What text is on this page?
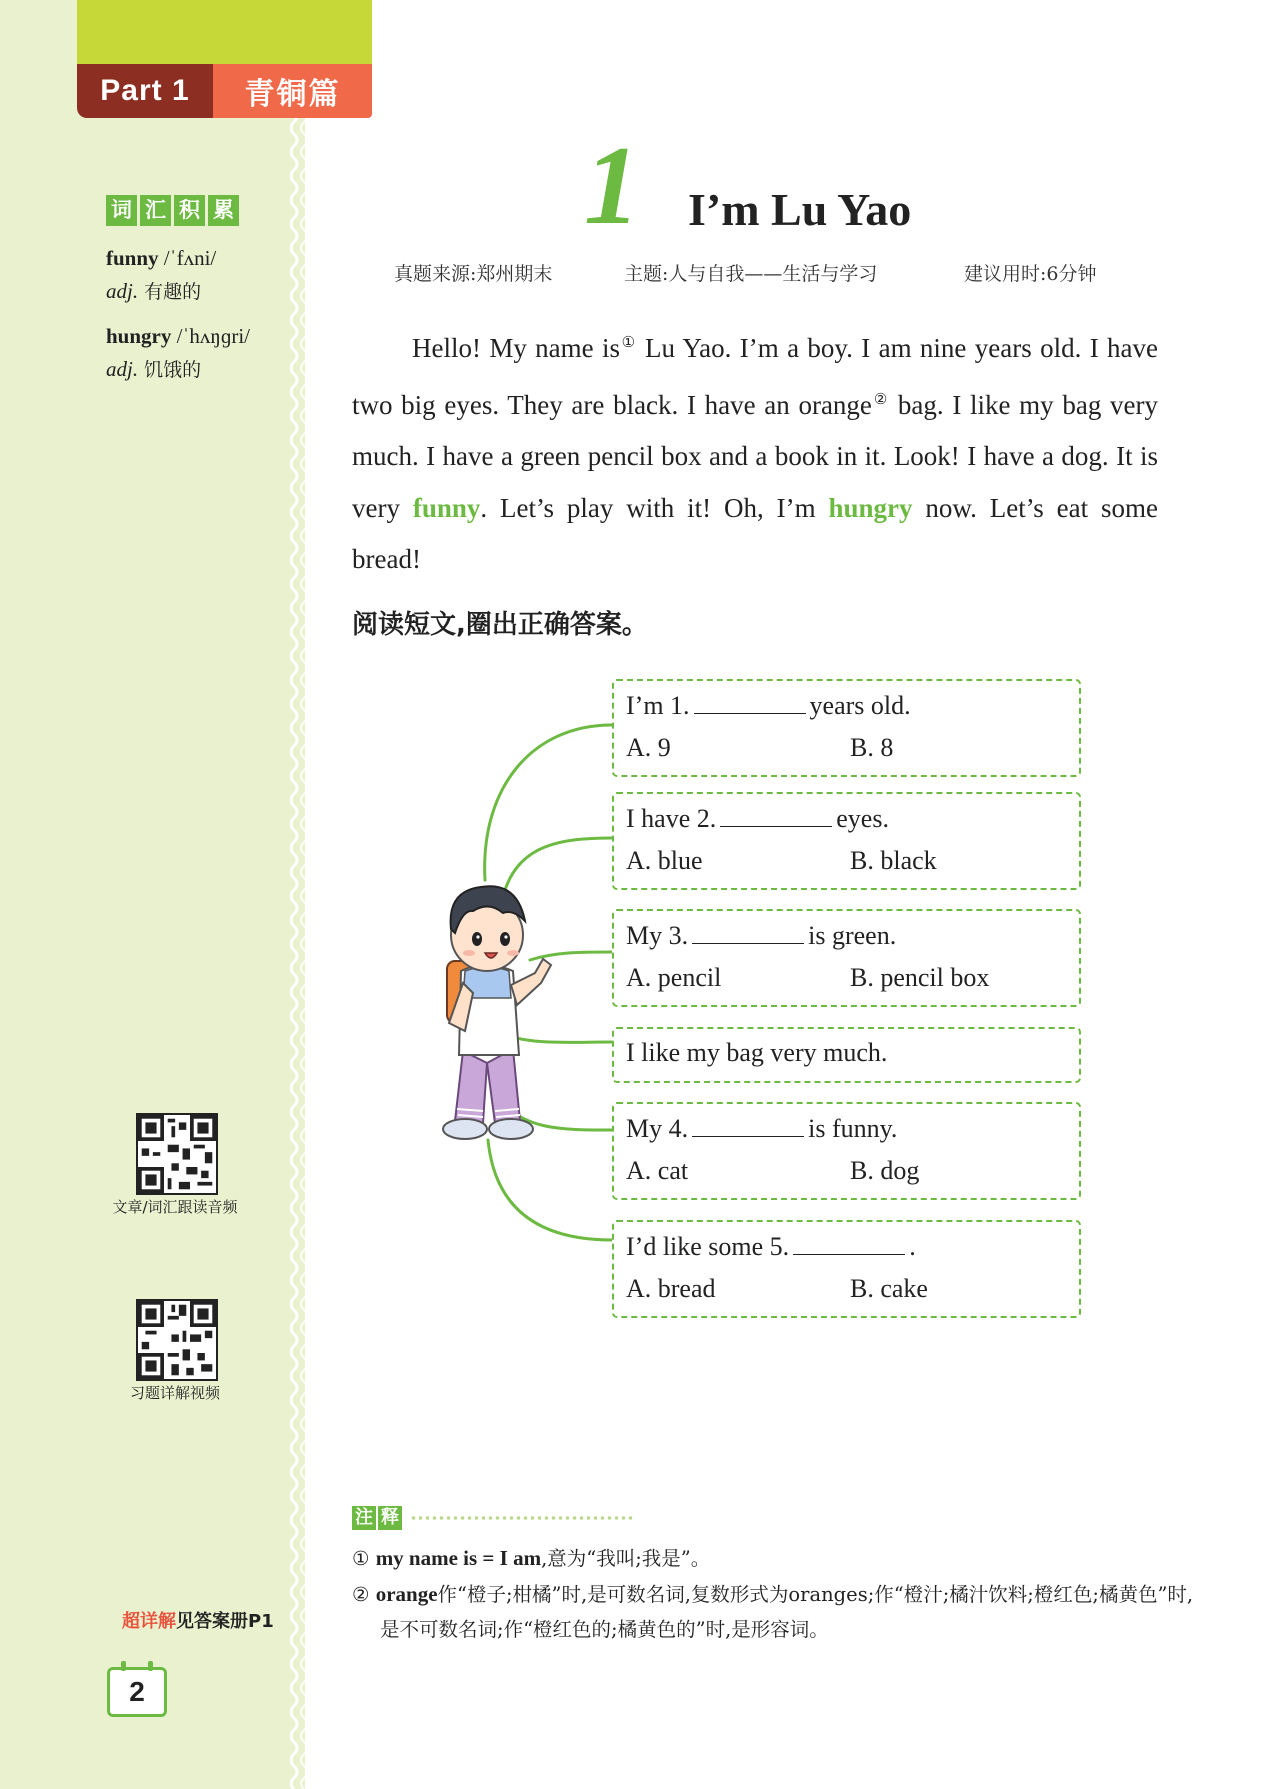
Part 1	青铜篇
词 汇 积 累
funny /ˈfʌni/
adj. 有趣的
hungry /ˈhʌŋɡri/
adj. 饥饿的
文章/词汇跟读音频
习题详解视频
超详解见答案册P1
2
1 I’m Lu Yao
真题来源:郑州期末	主题:人与自我——生活与学习	建议用时:6分钟
Hello! My name is① Lu Yao. I’m a boy. I am nine years old. I have two big eyes. They are black. I have an orange② bag. I like my bag very much. I have a green pencil box and a book in it. Look! I have a dog. It is very funny. Let’s play with it! Oh, I’m hungry now. Let’s eat some bread!
阅读短文,圈出正确答案。
I’m 1.	years old.
A. 9	B. 8
I have 2.	eyes.
A. blue	B. black
My 3.	is green.
A. pencil	B. pencil box
I like my bag very much.
My 4.	is funny.
A. cat	B. dog
I’d like some 5.	.
A. bread	B. cake
注 释
① my name is = I am,意为“我叫;我是”。
② orange作“橙子;柑橘”时,是可数名词,复数形式为oranges;作“橙汁;橘汁饮料;橙红色;橘黄色”时,是不可数名词;作“橙红色的;橘黄色的”时,是形容词。
